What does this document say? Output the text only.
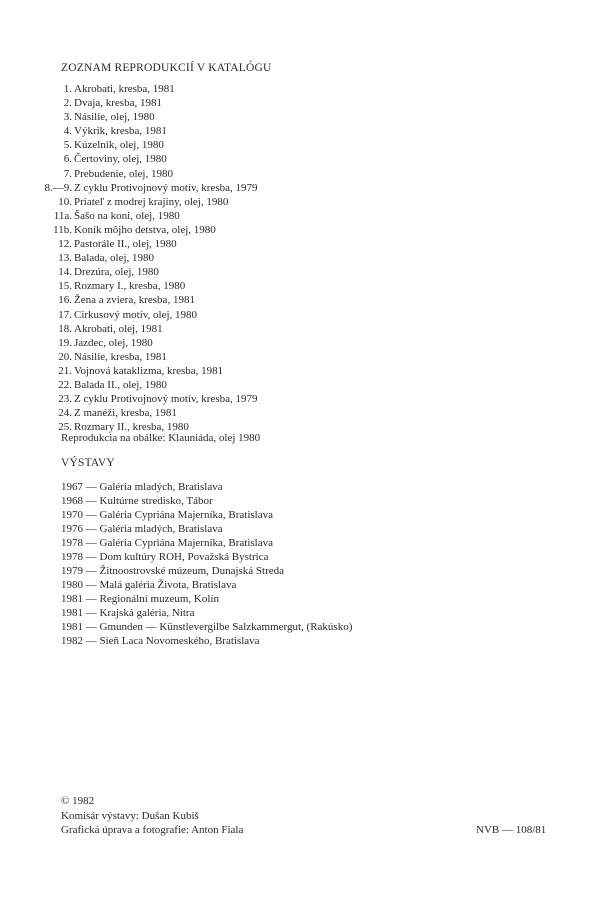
ZOZNAM REPRODUKCIÍ V KATALÓGU
1. Akrobati, kresba, 1981
2. Dvaja, kresba, 1981
3. Násilie, olej, 1980
4. Výkrik, kresba, 1981
5. Kúzelník, olej, 1980
6. Čertoviny, olej, 1980
7. Prebudenie, olej, 1980
8.—9. Z cyklu Protivojnový motív, kresba, 1979
10. Priateľ z modrej krajiny, olej, 1980
11a. Šašo na koni, olej, 1980
11b. Koník môjho detstva, olej, 1980
12. Pastorále II., olej, 1980
13. Balada, olej, 1980
14. Drezúra, olej, 1980
15. Rozmary I., kresba, 1980
16. Žena a zviera, kresba, 1981
17. Cirkusový motív, olej, 1980
18. Akrobati, olej, 1981
19. Jazdec, olej, 1980
20. Násilie, kresba, 1981
21. Vojnová kataklizma, kresba, 1981
22. Balada II., olej, 1980
23. Z cyklu Protivojnový motív, kresba, 1979
24. Z manéži, kresba, 1981
25. Rozmary II., kresba, 1980
Reprodukcia na obálke: Klauniáda, olej 1980
VÝSTAVY
1967 — Galéria mladých, Bratislava
1968 — Kultúrne stredisko, Tábor
1970 — Galéria Cypriána Majerníka, Bratislava
1976 — Galéria mladých, Bratislava
1978 — Galéria Cypriána Majerníka, Bratislava
1978 — Dom kultúry ROH, Považská Bystrica
1979 — Žitnoostrovské múzeum, Dunajská Streda
1980 — Malá galéria Života, Bratislava
1981 — Regionální muzeum, Kolín
1981 — Krajská galéria, Nitra
1981 — Gmunden — Künstlevergilbe Salzkammergut, (Rakúsko)
1982 — Sieň Laca Novomeského, Bratislava
© 1982
Komisár výstavy: Dušan Kubiš
Grafická úprava a fotografie: Anton Fiala	NVB — 108/81
